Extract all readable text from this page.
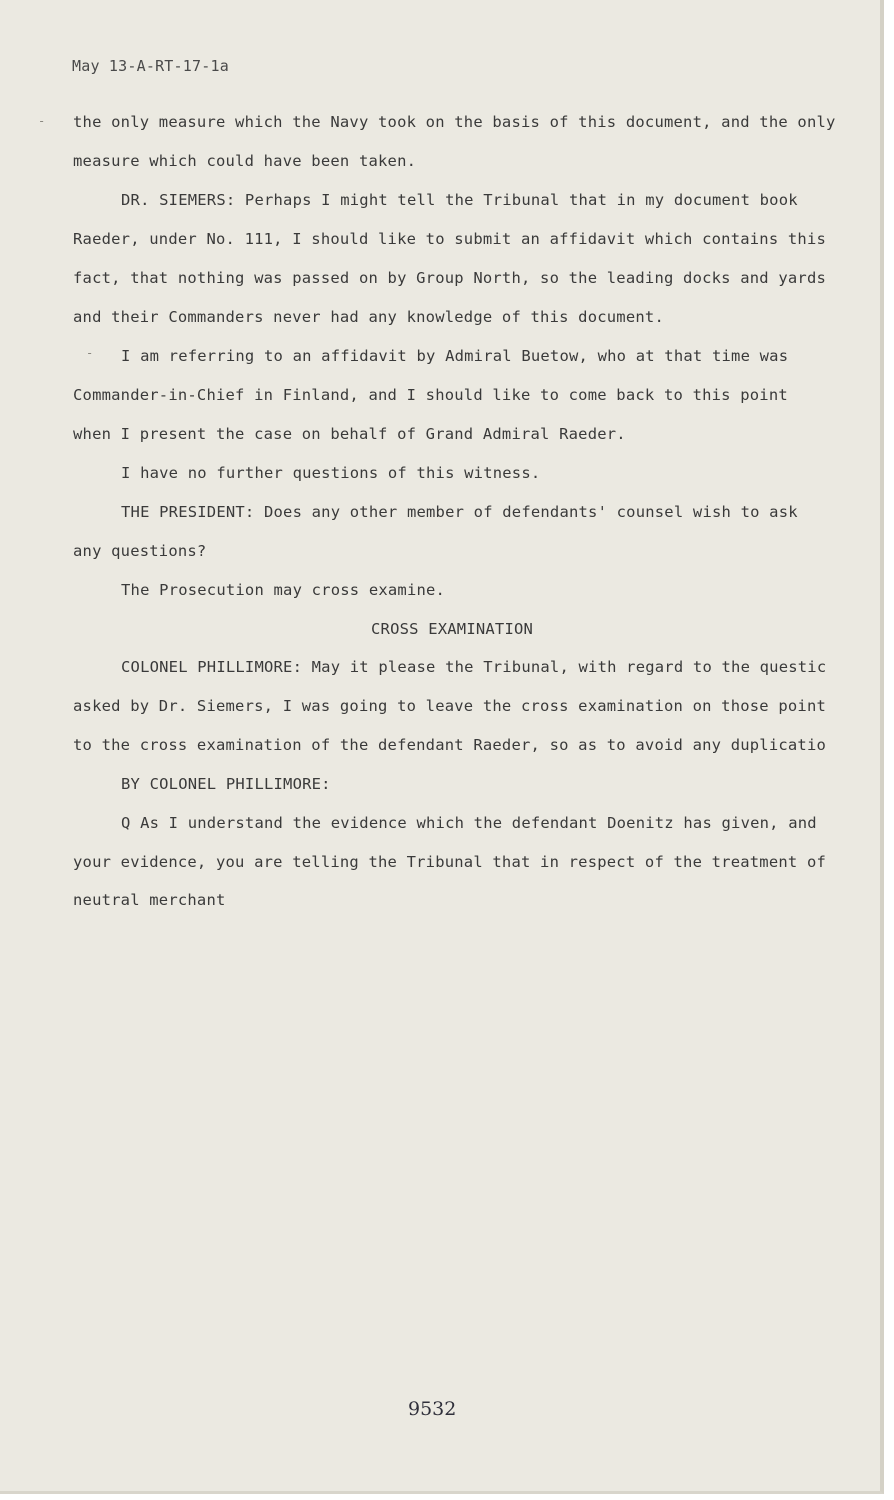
May 13-A-RT-17-1a
the only measure which the Navy took on the basis of this document, and the only
measure which could have been taken.
DR. SIEMERS: Perhaps I might tell the Tribunal that in my document book
Raeder, under No. 111, I should like to submit an affidavit which contains this
fact, that nothing was passed on by Group North, so the leading docks and yards
and their Commanders never had any knowledge of this document.
I am referring to an affidavit by Admiral Buetow, who at that time was
Commander-in-Chief in Finland, and I should like to come back to this point
when I present the case on behalf of Grand Admiral Raeder.
I have no further questions of this witness.
THE PRESIDENT: Does any other member of defendants' counsel wish to ask
any questions?
The Prosecution may cross examine.
CROSS EXAMINATION
COLONEL PHILLIMORE: May it please the Tribunal, with regard to the questic
asked by Dr. Siemers, I was going to leave the cross examination on those point
to the cross examination of the defendant Raeder, so as to avoid any duplicatio
BY COLONEL PHILLIMORE:
Q As I understand the evidence which the defendant Doenitz has given, and
your evidence, you are telling the Tribunal that in respect of the treatment of
neutral merchant
-
-
9532
